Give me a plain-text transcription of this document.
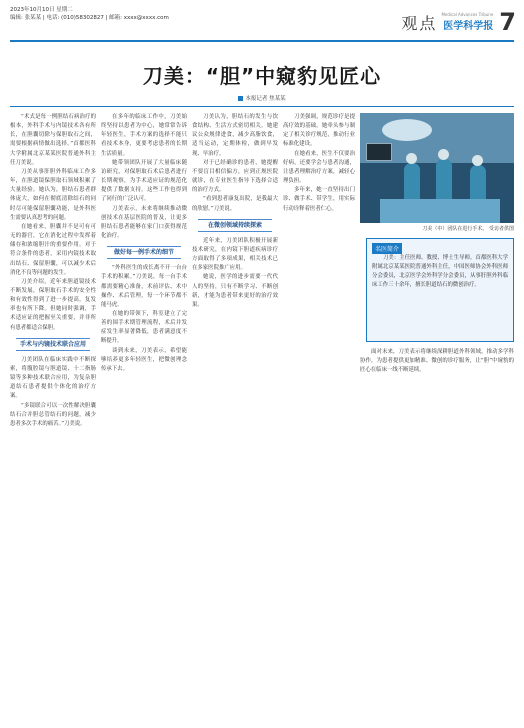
2023年10月10日 星期二
编辑: 张某某 | 电话: (010)58302827 | 邮箱: xxxx@xxxx.com	观点 Medical Advances Tribune
医学科学报 7
刀美：“胆”中窥豹见匠心
本报记者 焦某某

“术式是每一例胆结石病治疗的根本，外科手术与内镜技术各有所长，在胆囊切除与保胆取石之间，需要根据病情做出选择。”首都医科大学附属北京某某医院普通外科主任刀美说。

刀美从事肝胆外科临床工作多年，在胆道镜保胆取石领域积累了大量经验。她认为，胆结石患者群体庞大，如何在彻底清除结石的同时尽可能保留胆囊功能，是外科医生需要认真思考的问题。

在她看来，胆囊并不是可有可无的器官，它在消化过程中发挥着储存和浓缩胆汁的重要作用。对于符合条件的患者，采用内镜技术取出结石、保留胆囊，可以减少术后消化不良等问题的发生。

刀美介绍，近年来胆道镜技术不断发展，保胆取石手术的安全性和有效性得到了进一步提高，复发率也有所下降。但她同时强调，手术适应证的把握至关重要，并非所有患者都适合保胆。

手术与内镜技术联合应用

刀美团队在临床实践中不断探索，将腹腔镜与胆道镜、十二指肠镜等多种技术联合应用，为复杂胆道结石患者提供个体化的治疗方案。

“多镜联合可以一次性解决胆囊结石合并胆总管结石的问题，减少患者多次手术的痛苦。”刀美说。

在多年的临床工作中，刀美始终坚持以患者为中心，她常常告诉年轻医生，手术方案的选择不能只看技术本身，更要考虑患者的长期生活质量。

她带领团队开展了大量临床随访研究，对保胆取石术后患者进行长期观察，为手术适应证的规范化提供了数据支持。这些工作也得到了同行的广泛认可。

刀美表示，未来将继续推动微创技术在基层医院的普及，让更多胆结石患者能够在家门口获得规范化治疗。

做好每一例手术的细节

“外科医生的成长离不开一台台手术的积累。”刀美说，每一台手术都需要精心准备，术前评估、术中操作、术后管理，每一个环节都不能马虎。

在她的带领下，科室建立了完善的围手术期管理流程，术后并发症发生率显著降低，患者满意度不断提升。

谈到未来，刀美表示，希望能够培养更多年轻医生，把微创理念传承下去。

刀美认为，胆结石的发生与饮食结构、生活方式密切相关。她建议公众规律进食，减少高脂饮食，适当运动，定期体检，做到早发现、早治疗。

对于已经确诊的患者，她提醒不要盲目相信偏方，应到正规医院就诊，在专业医生指导下选择合适的治疗方式。

“看到患者康复出院，是我最大的欣慰。”刀美说。

在微创领域持续探索

近年来，刀美团队积极开展新技术研究，在内镜下胆道疾病诊疗方面取得了多项成果，相关技术已在多家医院推广应用。

她说，医学的进步需要一代代人的坚持，只有不断学习、不断创新，才能为患者带来更好的治疗效果。

刀美强调，规范诊疗是提高疗效的基础。她牵头参与制定了相关诊疗规范，推动行业标准化建设。

在她看来，医生不仅要治好病，还要学会与患者沟通，让患者理解治疗方案，减轻心理负担。

多年来，她一直坚持出门诊、做手术、带学生，用实际行动诠释着医者仁心。

刀美（中）团队在进行手术。 受访者供图
名医简介
刀美：主任医师、教授、博士生导师。首都医科大学附属北京某某医院普通外科主任，中国医师协会外科医师分会委员，北京医学会外科学分会委员，从事肝胆外科临床工作三十余年，擅长胆道结石的微创治疗。

面对未来，刀美表示将继续深耕胆道外科领域，推动多学科协作，为患者提供更加精准、微创的诊疗服务，让“胆”中窥豹的匠心在临床一线不断延续。
